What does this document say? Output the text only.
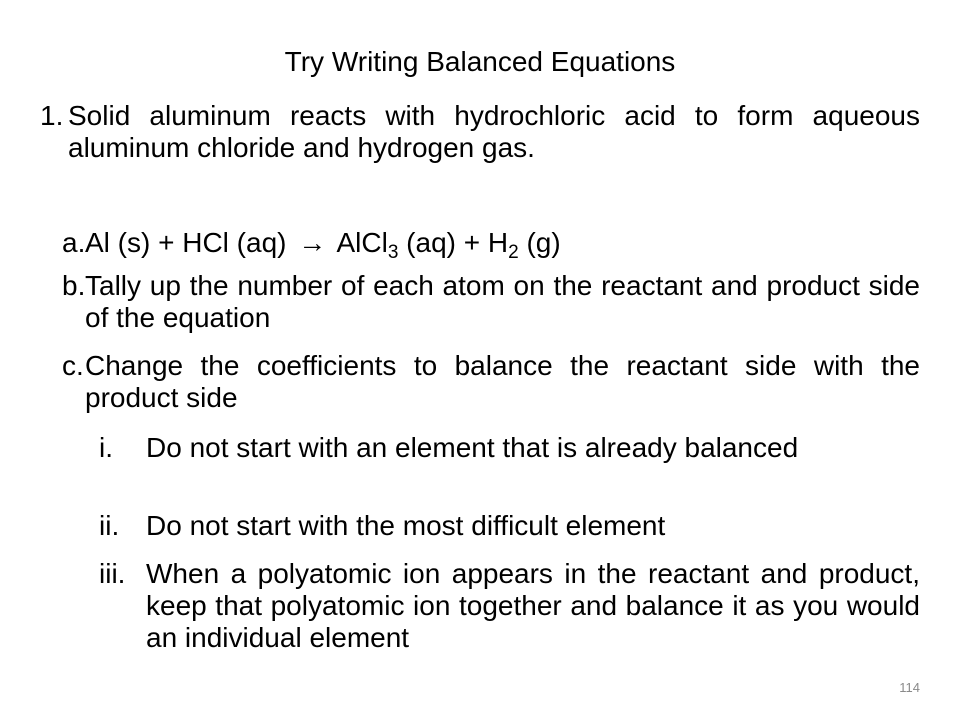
Try Writing Balanced Equations
1. Solid aluminum reacts with hydrochloric acid to form aqueous aluminum chloride and hydrogen gas.
a. Al (s) + HCl (aq) → AlCl$_3$ $(aq) + H_2$ (g)
b. Tally up the number of each atom on the reactant and product side of the equation
c. Change the coefficients to balance the reactant side with the product side
i. Do not start with an element that is already balanced
ii. Do not start with the most difficult element
iii. When a polyatomic ion appears in the reactant and product, keep that polyatomic ion together and balance it as you would an individual element
114
